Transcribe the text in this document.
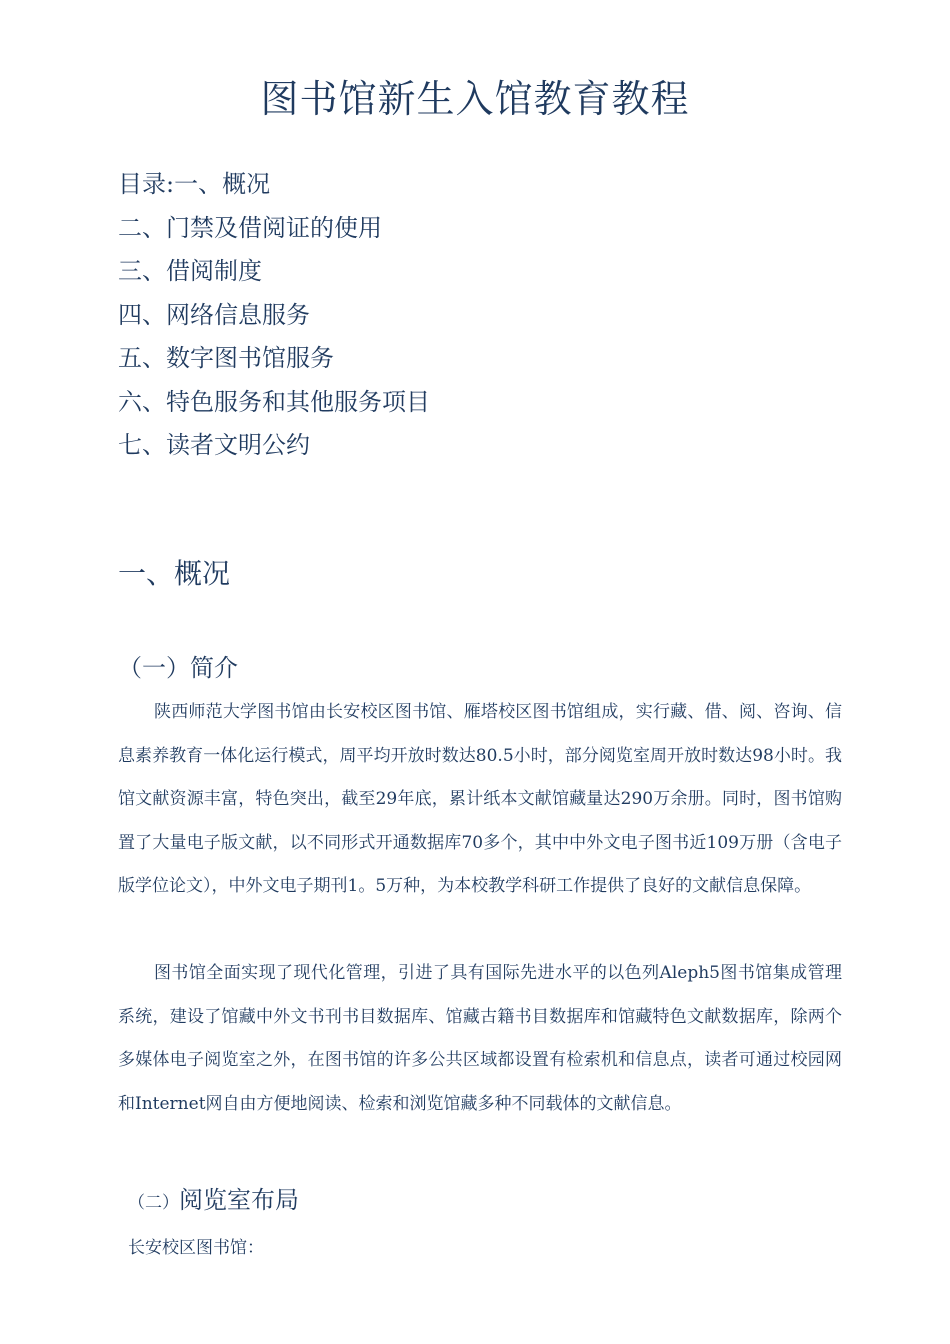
图书馆新生入馆教育教程
目录:一、概况
二、门禁及借阅证的使用
三、借阅制度
四、网络信息服务
五、数字图书馆服务
六、特色服务和其他服务项目
七、读者文明公约
一、概况
（一）简介
陕西师范大学图书馆由长安校区图书馆、雁塔校区图书馆组成，实行藏、借、阅、咨询、信息素养教育一体化运行模式，周平均开放时数达80.5小时，部分阅览室周开放时数达98小时。我馆文献资源丰富，特色突出，截至29年底，累计纸本文献馆藏量达290万余册。同时，图书馆购置了大量电子版文献，以不同形式开通数据库70多个，其中中外文电子图书近109万册（含电子版学位论文），中外文电子期刊1。5万种，为本校教学科研工作提供了良好的文献信息保障。
图书馆全面实现了现代化管理，引进了具有国际先进水平的以色列Aleph5图书馆集成管理系统，建设了馆藏中外文书刊书目数据库、馆藏古籍书目数据库和馆藏特色文献数据库，除两个多媒体电子阅览室之外，在图书馆的许多公共区域都设置有检索机和信息点，读者可通过校园网和Internet网自由方便地阅读、检索和浏览馆藏多种不同载体的文献信息。
（二）阅览室布局
长安校区图书馆：
